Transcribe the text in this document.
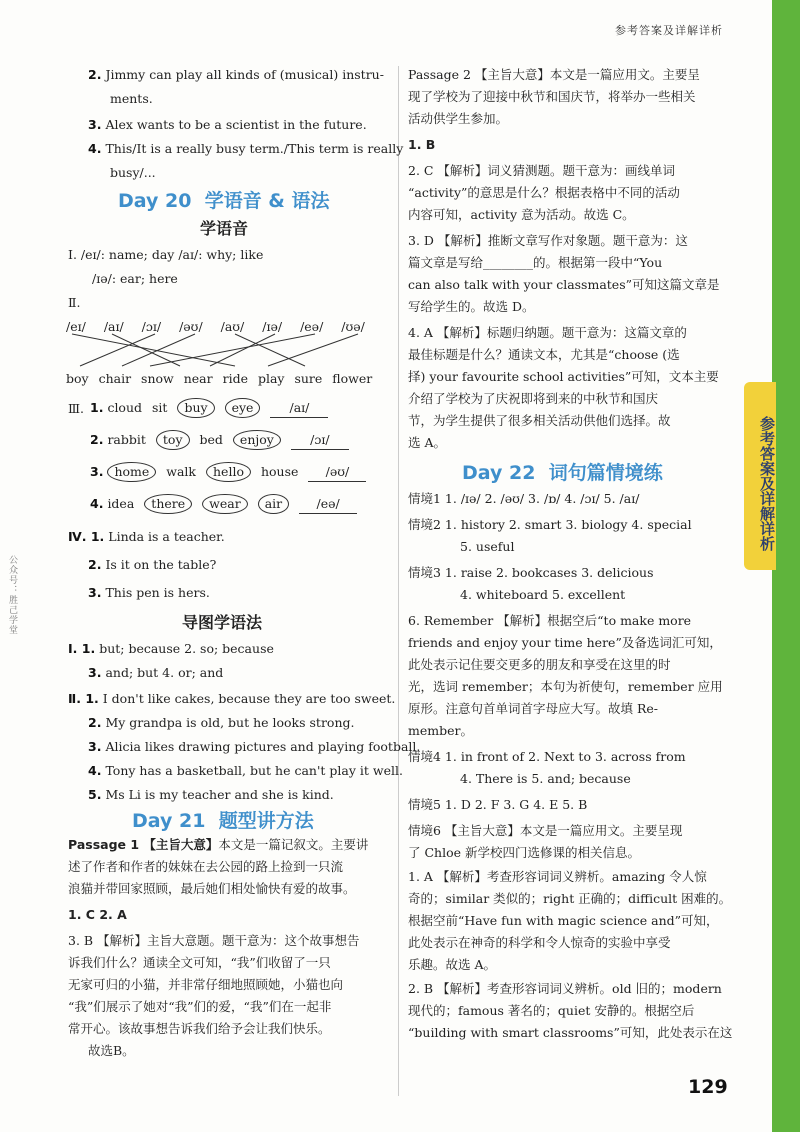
参考答案及详解详析
参考答案及详解详析
公众号：胜己学堂
129
2. Jimmy can play all kinds of (musical) instru-
ments.
3. Alex wants to be a scientist in the future.
4. This/It is a really busy term./This term is really
busy/...
Day 20 学语音 & 语法
学语音
Ⅰ. /eɪ/: name; day /aɪ/: why; like
/ɪə/: ear; here
Ⅱ.
/eɪ/ /aɪ/ /ɔɪ/ /əʊ/ /aʊ/ /ɪə/ /eə/ /ʊə/
boy chair snow near ride play sure flower
Ⅲ. 1. cloud sit buy eye	/aɪ/
2. rabbit toy bed enjoy	/ɔɪ/
3. home walk hello house /əʊ/
4. idea there wear air	/eə/
Ⅳ. 1. Linda is a teacher.
2. Is it on the table?
3. This pen is hers.
导图学语法
Ⅰ. 1. but; because 2. so; because
3. and; but 4. or; and
Ⅱ. 1. I don't like cakes, because they are too sweet.
2. My grandpa is old, but he looks strong.
3. Alicia likes drawing pictures and playing football.
4. Tony has a basketball, but he can't play it well.
5. Ms Li is my teacher and she is kind.
Day 21 题型讲方法
Passage 1 【主旨大意】本文是一篇记叙文。主要讲
述了作者和作者的妹妹在去公园的路上捡到一只流
浪猫并带回家照顾，最后她们相处愉快有爱的故事。
1. C 2. A
3. B 【解析】主旨大意题。题干意为：这个故事想告
诉我们什么？通读全文可知，“我”们收留了一只
无家可归的小猫，并非常仔细地照顾她，小猫也向
“我”们展示了她对“我”们的爱，“我”们在一起非
常开心。该故事想告诉我们给予会让我们快乐。
故选B。
Passage 2 【主旨大意】本文是一篇应用文。主要呈
现了学校为了迎接中秋节和国庆节，将举办一些相关
活动供学生参加。
1. B
2. C 【解析】词义猜测题。题干意为：画线单词
“activity”的意思是什么？根据表格中不同的活动
内容可知，activity 意为活动。故选 C。
3. D 【解析】推断文章写作对象题。题干意为：这
篇文章是写给________的。根据第一段中“You
can also talk with your classmates”可知这篇文章是
写给学生的。故选 D。
4. A 【解析】标题归纳题。题干意为：这篇文章的
最佳标题是什么？通读文本，尤其是“choose (选
择) your favourite school activities”可知，文本主要
介绍了学校为了庆祝即将到来的中秋节和国庆
节，为学生提供了很多相关活动供他们选择。故
选 A。
Day 22 词句篇情境练
情境1 1. /ɪə/ 2. /əʊ/ 3. /ɒ/ 4. /ɔɪ/ 5. /aɪ/
情境2 1. history 2. smart 3. biology 4. special
5. useful
情境3 1. raise 2. bookcases 3. delicious
4. whiteboard 5. excellent
6. Remember 【解析】根据空后“to make more
friends and enjoy your time here”及备选词汇可知，
此处表示记住要交更多的朋友和享受在这里的时
光，选词 remember；本句为祈使句，remember 应用
原形。注意句首单词首字母应大写。故填 Re-
member。
情境4 1. in front of 2. Next to 3. across from
4. There is 5. and; because
情境5 1. D 2. F 3. G 4. E 5. B
情境6 【主旨大意】本文是一篇应用文。主要呈现
了 Chloe 新学校四门选修课的相关信息。
1. A 【解析】考查形容词词义辨析。amazing 令人惊
奇的；similar 类似的；right 正确的；difficult 困难的。
根据空前“Have fun with magic science and”可知，
此处表示在神奇的科学和令人惊奇的实验中享受
乐趣。故选 A。
2. B 【解析】考查形容词词义辨析。old 旧的；modern
现代的；famous 著名的；quiet 安静的。根据空后
“building with smart classrooms”可知，此处表示在这
